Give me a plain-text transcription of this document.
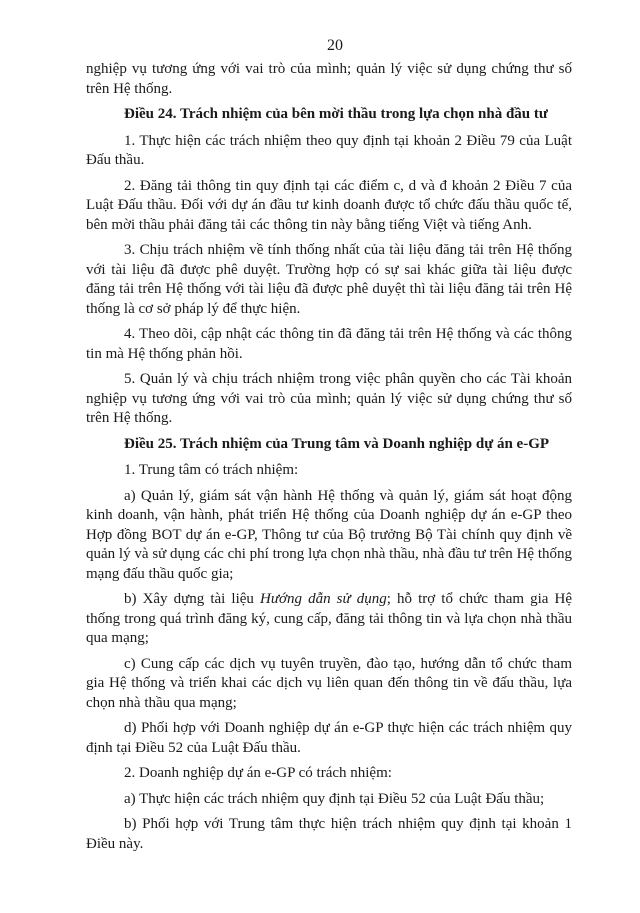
20

nghiệp vụ tương ứng với vai trò của mình; quản lý việc sử dụng chứng thư số trên Hệ thống.

Điều 24. Trách nhiệm của bên mời thầu trong lựa chọn nhà đầu tư

1. Thực hiện các trách nhiệm theo quy định tại khoản 2 Điều 79 của Luật Đấu thầu.

2. Đăng tải thông tin quy định tại các điểm c, d và đ khoản 2 Điều 7 của Luật Đấu thầu. Đối với dự án đầu tư kinh doanh được tổ chức đấu thầu quốc tế, bên mời thầu phải đăng tải các thông tin này bằng tiếng Việt và tiếng Anh.

3. Chịu trách nhiệm về tính thống nhất của tài liệu đăng tải trên Hệ thống với tài liệu đã được phê duyệt. Trường hợp có sự sai khác giữa tài liệu được đăng tải trên Hệ thống với tài liệu đã được phê duyệt thì tài liệu đăng tải trên Hệ thống là cơ sở pháp lý để thực hiện.

4. Theo dõi, cập nhật các thông tin đã đăng tải trên Hệ thống và các thông tin mà Hệ thống phản hồi.

5. Quản lý và chịu trách nhiệm trong việc phân quyền cho các Tài khoản nghiệp vụ tương ứng với vai trò của mình; quản lý việc sử dụng chứng thư số trên Hệ thống.

Điều 25. Trách nhiệm của Trung tâm và Doanh nghiệp dự án e-GP

1. Trung tâm có trách nhiệm:

a) Quản lý, giám sát vận hành Hệ thống và quản lý, giám sát hoạt động kinh doanh, vận hành, phát triển Hệ thống của Doanh nghiệp dự án e-GP theo Hợp đồng BOT dự án e-GP, Thông tư của Bộ trưởng Bộ Tài chính quy định về quản lý và sử dụng các chi phí trong lựa chọn nhà thầu, nhà đầu tư trên Hệ thống mạng đấu thầu quốc gia;

b) Xây dựng tài liệu Hướng dẫn sử dụng; hỗ trợ tổ chức tham gia Hệ thống trong quá trình đăng ký, cung cấp, đăng tải thông tin và lựa chọn nhà thầu qua mạng;

c) Cung cấp các dịch vụ tuyên truyền, đào tạo, hướng dẫn tổ chức tham gia Hệ thống và triển khai các dịch vụ liên quan đến thông tin về đấu thầu, lựa chọn nhà thầu qua mạng;

d) Phối hợp với Doanh nghiệp dự án e-GP thực hiện các trách nhiệm quy định tại Điều 52 của Luật Đấu thầu.

2. Doanh nghiệp dự án e-GP có trách nhiệm:

a) Thực hiện các trách nhiệm quy định tại Điều 52 của Luật Đấu thầu;

b) Phối hợp với Trung tâm thực hiện trách nhiệm quy định tại khoản 1 Điều này.
